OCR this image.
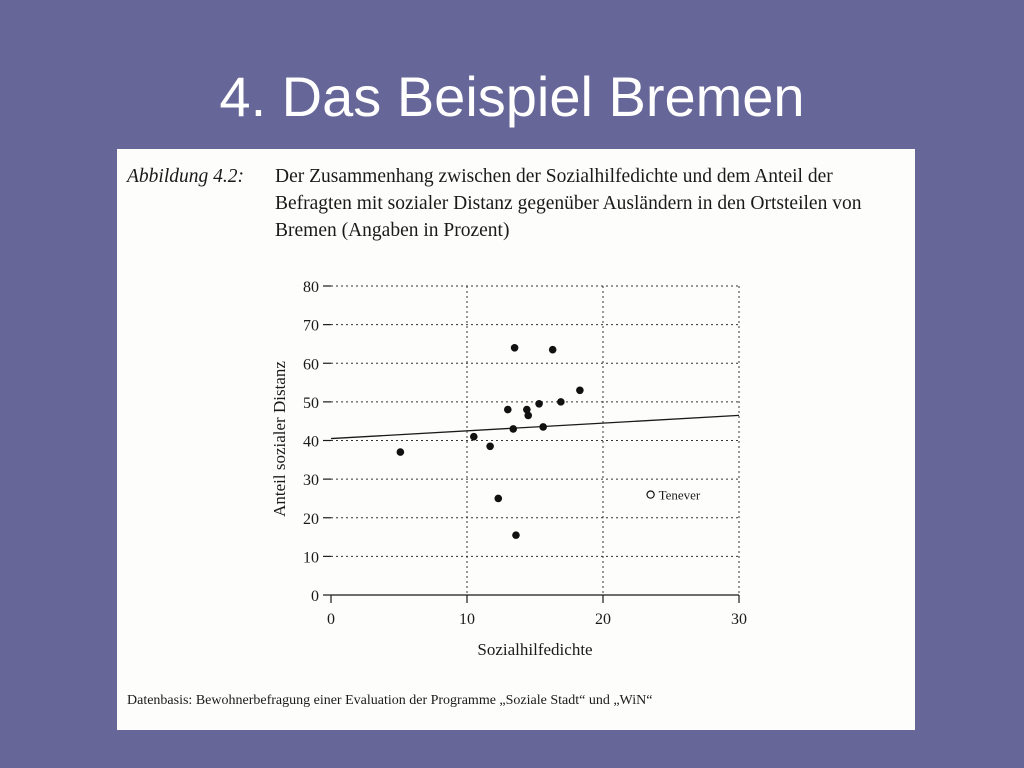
4. Das Beispiel Bremen
Abbildung 4.2: Der Zusammenhang zwischen der Sozialhilfedichte und dem Anteil der Befragten mit sozialer Distanz gegenüber Ausländern in den Ortsteilen von Bremen (Angaben in Prozent)
0
10
20
30
40
50
60
70
80
0	10	20	30
Tenever
Sozialhilfedichte
Anteil sozialer Distanz
Datenbasis: Bewohnerbefragung einer Evaluation der Programme „Soziale Stadt“ und „WiN“
